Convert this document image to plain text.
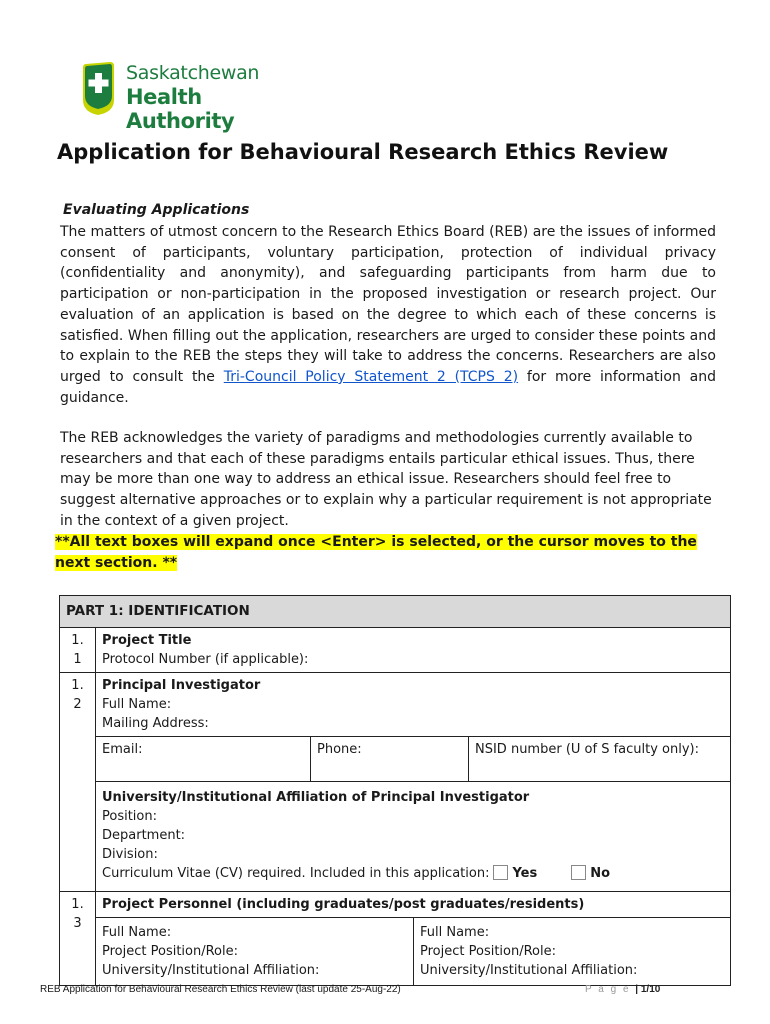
Saskatchewan
Health Authority
Application for Behavioural Research Ethics Review
Evaluating Applications
The matters of utmost concern to the Research Ethics Board (REB) are the issues of informed consent of participants, voluntary participation, protection of individual privacy (confidentiality and anonymity), and safeguarding participants from harm due to participation or non-participation in the proposed investigation or research project. Our evaluation of an application is based on the degree to which each of these concerns is satisfied. When filling out the application, researchers are urged to consider these points and to explain to the REB the steps they will take to address the concerns. Researchers are also urged to consult the Tri-Council Policy Statement 2 (TCPS 2) for more information and guidance.
The REB acknowledges the variety of paradigms and methodologies currently available to researchers and that each of these paradigms entails particular ethical issues. Thus, there may be more than one way to address an ethical issue. Researchers should feel free to suggest alternative approaches or to explain why a particular requirement is not appropriate in the context of a given project.
**All text boxes will expand once <Enter> is selected, or the cursor moves to the next section. **
PART 1: IDENTIFICATION

1.
1

Project Title
Protocol Number (if applicable):

1.
2

Principal Investigator
Full Name:
Mailing Address:

Email:	Phone:	NSID number (U of S faculty only):

University/Institutional Affiliation of Principal Investigator
Position:
Department:
Division:
Curriculum Vitae (CV) required. Included in this application: Yes	No

1.
3
	Project Personnel (including graduates/post graduates/residents)

Full Name:
Project Position/Role:
University/Institutional Affiliation:

Full Name:
Project Position/Role:
University/Institutional Affiliation:
REB Application for Behavioural Research Ethics Review (last update 25-Aug-22)	P a g e | 1/10
